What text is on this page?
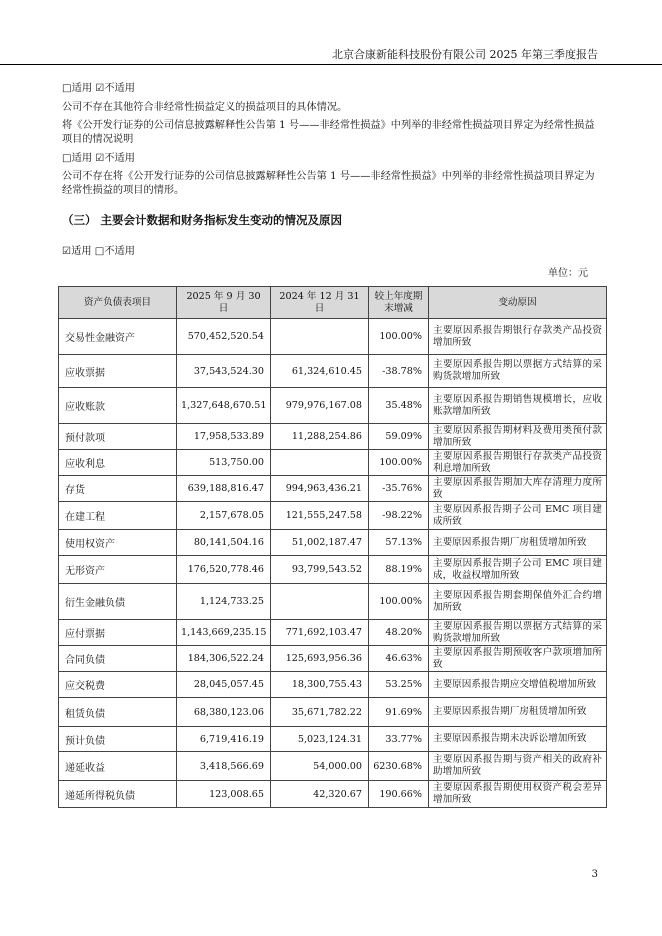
北京合康新能科技股份有限公司 2025 年第三季度报告
□适用 ☑不适用
公司不存在其他符合非经常性损益定义的损益项目的具体情况。
将《公开发行证券的公司信息披露解释性公告第 1 号——非经常性损益》中列举的非经常性损益项目界定为经常性损益
项目的情况说明
□适用 ☑不适用
公司不存在将《公开发行证券的公司信息披露解释性公告第 1 号——非经常性损益》中列举的非经常性损益项目界定为
经常性损益的项目的情形。
（三） 主要会计数据和财务指标发生变动的情况及原因
☑适用 □不适用
单位：元
资产负债表项目	2025 年 9 月 30 日	2024 年 12 月 31 日	较上年度期末增减	变动原因
交易性金融资产	570,452,520.54		100.00%	主要原因系报告期银行存款类产品投资增加所致
应收票据	37,543,524.30	61,324,610.45	-38.78%	主要原因系报告期以票据方式结算的采购货款增加所致
应收账款	1,327,648,670.51	979,976,167.08	35.48%	主要原因系报告期销售规模增长，应收账款增加所致
预付款项	17,958,533.89	11,288,254.86	59.09%	主要原因系报告期材料及费用类预付款增加所致
应收利息	513,750.00		100.00%	主要原因系报告期银行存款类产品投资利息增加所致
存货	639,188,816.47	994,963,436.21	-35.76%	主要原因系报告期加大库存清理力度所致
在建工程	2,157,678.05	121,555,247.58	-98.22%	主要原因系报告期子公司 EMC 项目建成所致
使用权资产	80,141,504.16	51,002,187.47	57.13%	主要原因系报告期厂房租赁增加所致
无形资产	176,520,778.46	93,799,543.52	88.19%	主要原因系报告期子公司 EMC 项目建成，收益权增加所致
衍生金融负债	1,124,733.25		100.00%	主要原因系报告期套期保值外汇合约增加所致
应付票据	1,143,669,235.15	771,692,103.47	48.20%	主要原因系报告期以票据方式结算的采购货款增加所致
合同负债	184,306,522.24	125,693,956.36	46.63%	主要原因系报告期预收客户款项增加所致
应交税费	28,045,057.45	18,300,755.43	53.25%	主要原因系报告期应交增值税增加所致
租赁负债	68,380,123.06	35,671,782.22	91.69%	主要原因系报告期厂房租赁增加所致
预计负债	6,719,416.19	5,023,124.31	33.77%	主要原因系报告期未决诉讼增加所致
递延收益	3,418,566.69	54,000.00	6230.68%	主要原因系报告期与资产相关的政府补助增加所致
递延所得税负债	123,008.65	42,320.67	190.66%	主要原因系报告期使用权资产税会差异增加所致
3
